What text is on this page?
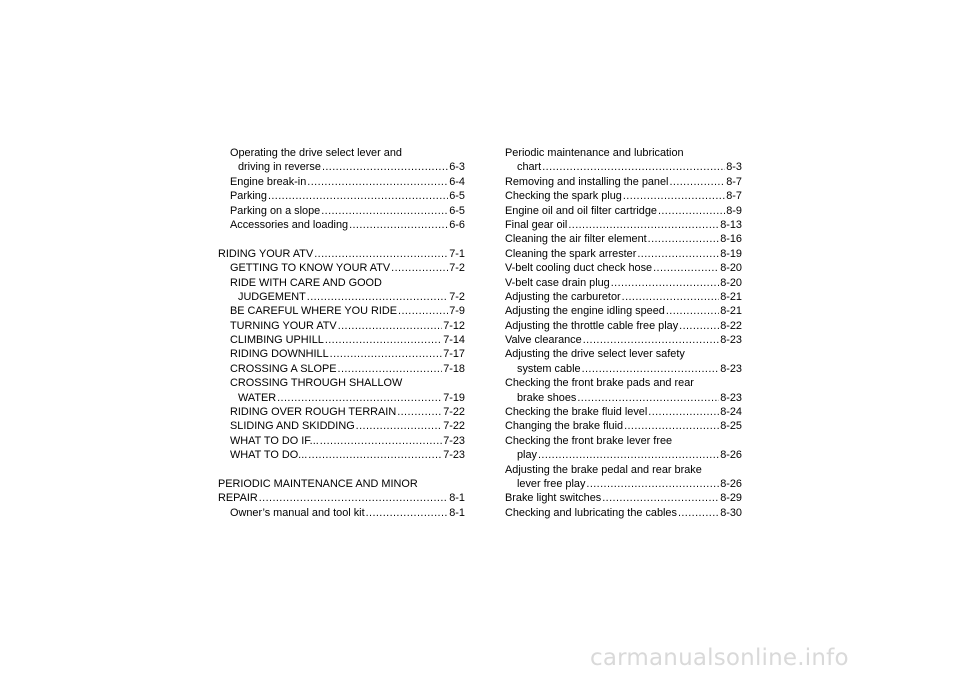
Operating the drive select lever and
driving in reverse .....	6-3
Engine break-in .....	6-4
Parking .....	6-5
Parking on a slope .....	6-5
Accessories and loading .....	6-6
RIDING YOUR ATV .....	7-1
GETTING TO KNOW YOUR ATV .....	7-2
RIDE WITH CARE AND GOOD
JUDGEMENT .....	7-2
BE CAREFUL WHERE YOU RIDE .....	7-9
TURNING YOUR ATV .....	7-12
CLIMBING UPHILL .....	7-14
RIDING DOWNHILL .....	7-17
CROSSING A SLOPE .....	7-18
CROSSING THROUGH SHALLOW
WATER .....	7-19
RIDING OVER ROUGH TERRAIN .....	7-22
SLIDING AND SKIDDING .....	7-22
WHAT TO DO IF... .....	7-23
WHAT TO DO... .....	7-23
PERIODIC MAINTENANCE AND MINOR
REPAIR .....	8-1
Owner’s manual and tool kit .....	8-1
Periodic maintenance and lubrication
chart .....	8-3
Removing and installing the panel .....	8-7
Checking the spark plug .....	8-7
Engine oil and oil filter cartridge .....	8-9
Final gear oil .....	8-13
Cleaning the air filter element .....	8-16
Cleaning the spark arrester .....	8-19
V-belt cooling duct check hose .....	8-20
V-belt case drain plug .....	8-20
Adjusting the carburetor .....	8-21
Adjusting the engine idling speed .....	8-21
Adjusting the throttle cable free play .....	8-22
Valve clearance .....	8-23
Adjusting the drive select lever safety
system cable .....	8-23
Checking the front brake pads and rear
brake shoes .....	8-23
Checking the brake fluid level .....	8-24
Changing the brake fluid .....	8-25
Checking the front brake lever free
play .....	8-26
Adjusting the brake pedal and rear brake
lever free play .....	8-26
Brake light switches .....	8-29
Checking and lubricating the cables .....	8-30
carmanualsonline.info
